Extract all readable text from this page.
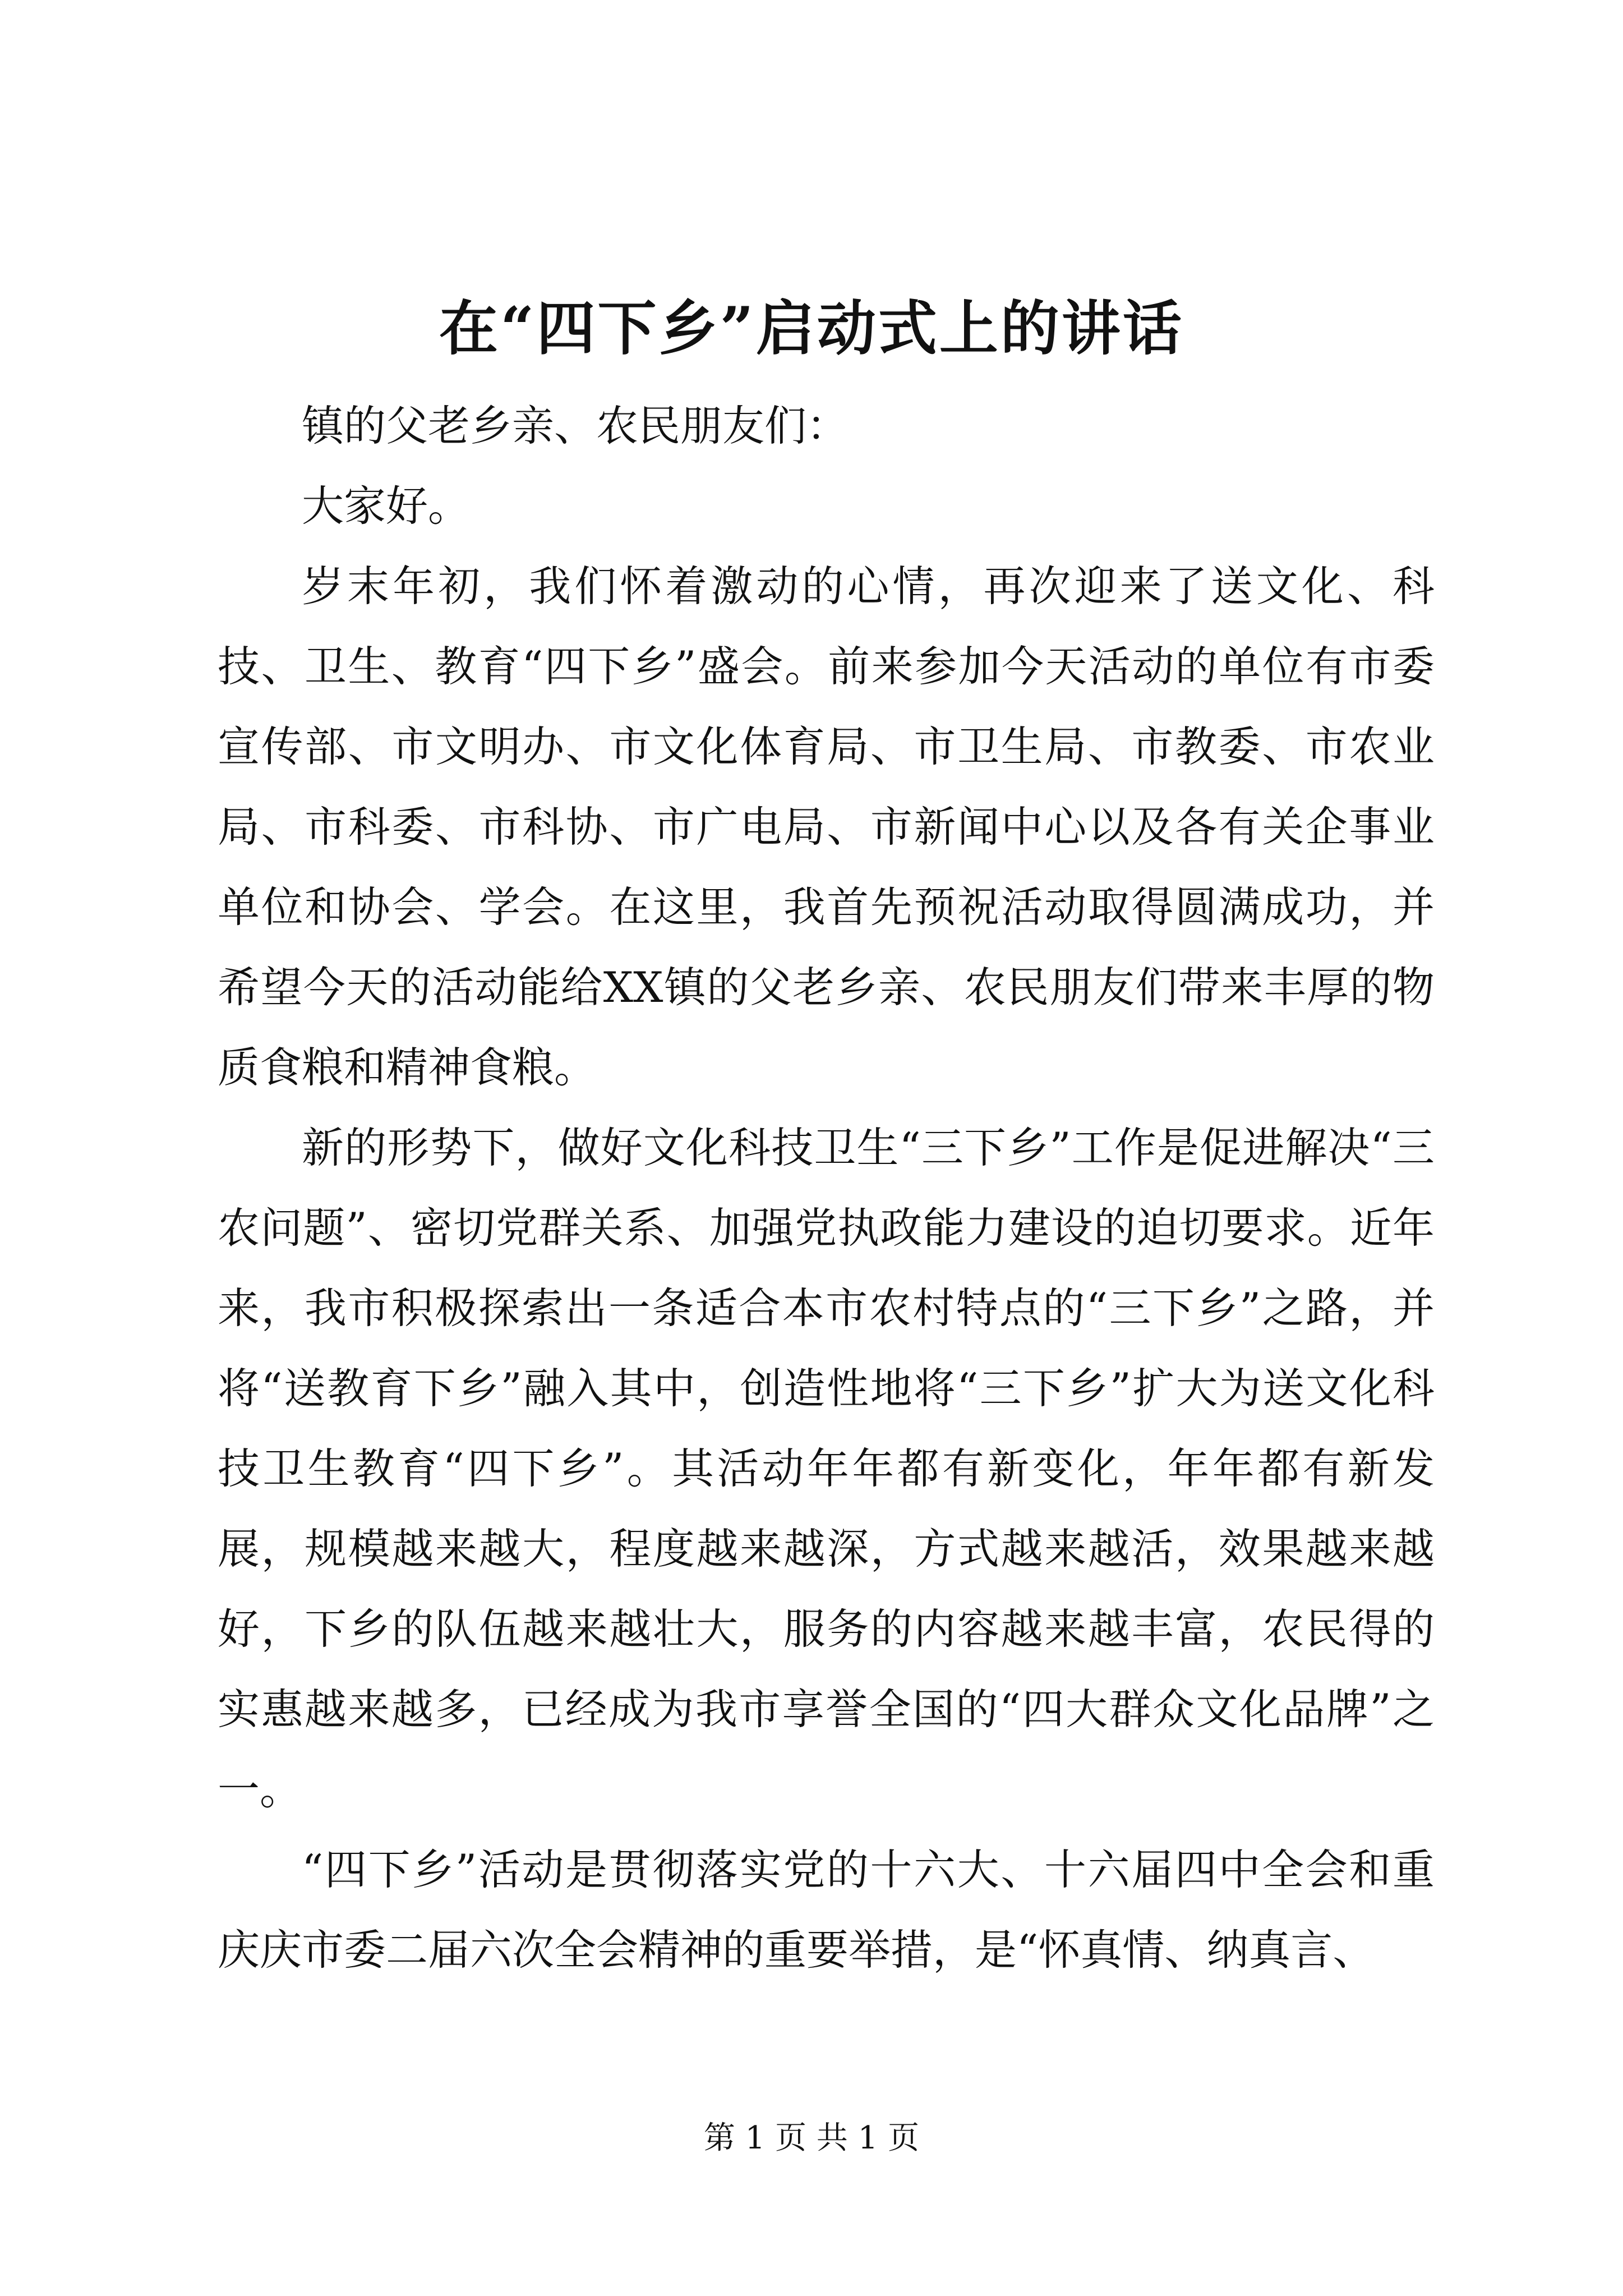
在“四下乡”启动式上的讲话

镇的父老乡亲、农民朋友们：

大家好。

岁末年初，我们怀着激动的心情，再次迎来了送文化、科技、卫生、教育“四下乡”盛会。前来参加今天活动的单位有市委宣传部、市文明办、市文化体育局、市卫生局、市教委、市农业局、市科委、市科协、市广电局、市新闻中心以及各有关企事业单位和协会、学会。在这里，我首先预祝活动取得圆满成功，并希望今天的活动能给XX镇的父老乡亲、农民朋友们带来丰厚的物质食粮和精神食粮。

新的形势下，做好文化科技卫生“三下乡”工作是促进解决“三农问题”、密切党群关系、加强党执政能力建设的迫切要求。近年来，我市积极探索出一条适合本市农村特点的“三下乡”之路，并将“送教育下乡”融入其中，创造性地将“三下乡”扩大为送文化科技卫生教育“四下乡”。其活动年年都有新变化，年年都有新发展，规模越来越大，程度越来越深，方式越来越活，效果越来越好，下乡的队伍越来越壮大，服务的内容越来越丰富，农民得的实惠越来越多，已经成为我市享誉全国的“四大群众文化品牌”之一。

“四下乡”活动是贯彻落实党的十六大、十六届四中全会和重庆庆市委二届六次全会精神的重要举措，是“怀真情、纳真言、

第 1 页 共 1 页
